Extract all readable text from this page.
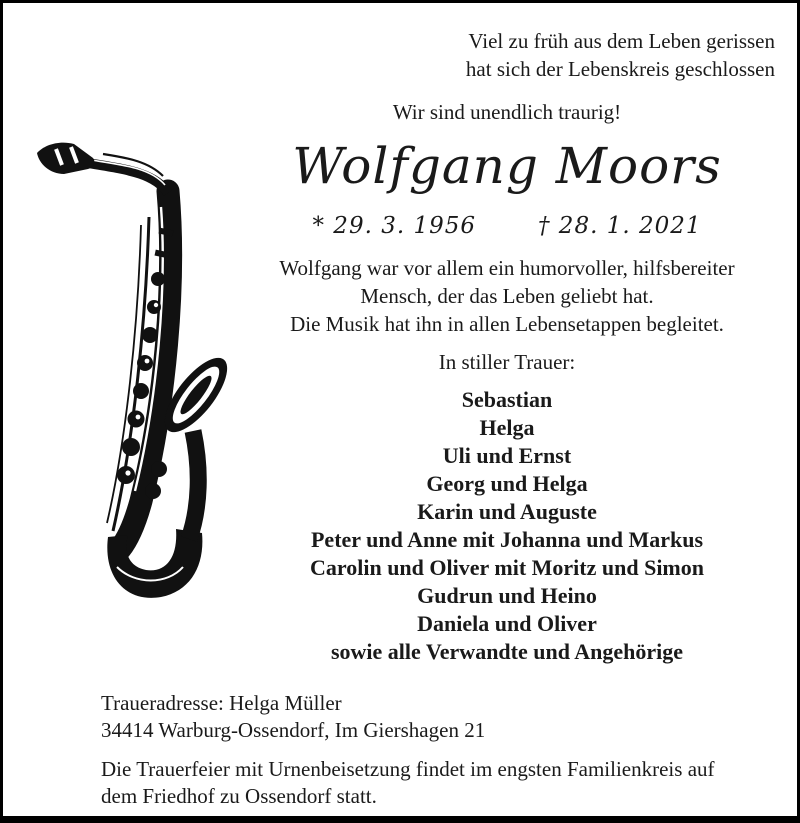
Viel zu früh aus dem Leben gerissen
hat sich der Lebenskreis geschlossen
Wir sind unendlich traurig!
Wolfgang Moors
* 29. 3. 1956	† 28. 1. 2021
Wolfgang war vor allem ein humorvoller, hilfsbereiter
Mensch, der das Leben geliebt hat.
Die Musik hat ihn in allen Lebensetappen begleitet.
In stiller Trauer:
Sebastian
Helga
Uli und Ernst
Georg und Helga
Karin und Auguste
Peter und Anne mit Johanna und Markus
Carolin und Oliver mit Moritz und Simon
Gudrun und Heino
Daniela und Oliver
sowie alle Verwandte und Angehörige
Traueradresse: Helga Müller
34414 Warburg-Ossendorf, Im Giershagen 21
Die Trauerfeier mit Urnenbeisetzung findet im engsten Familienkreis auf
dem Friedhof zu Ossendorf statt.
